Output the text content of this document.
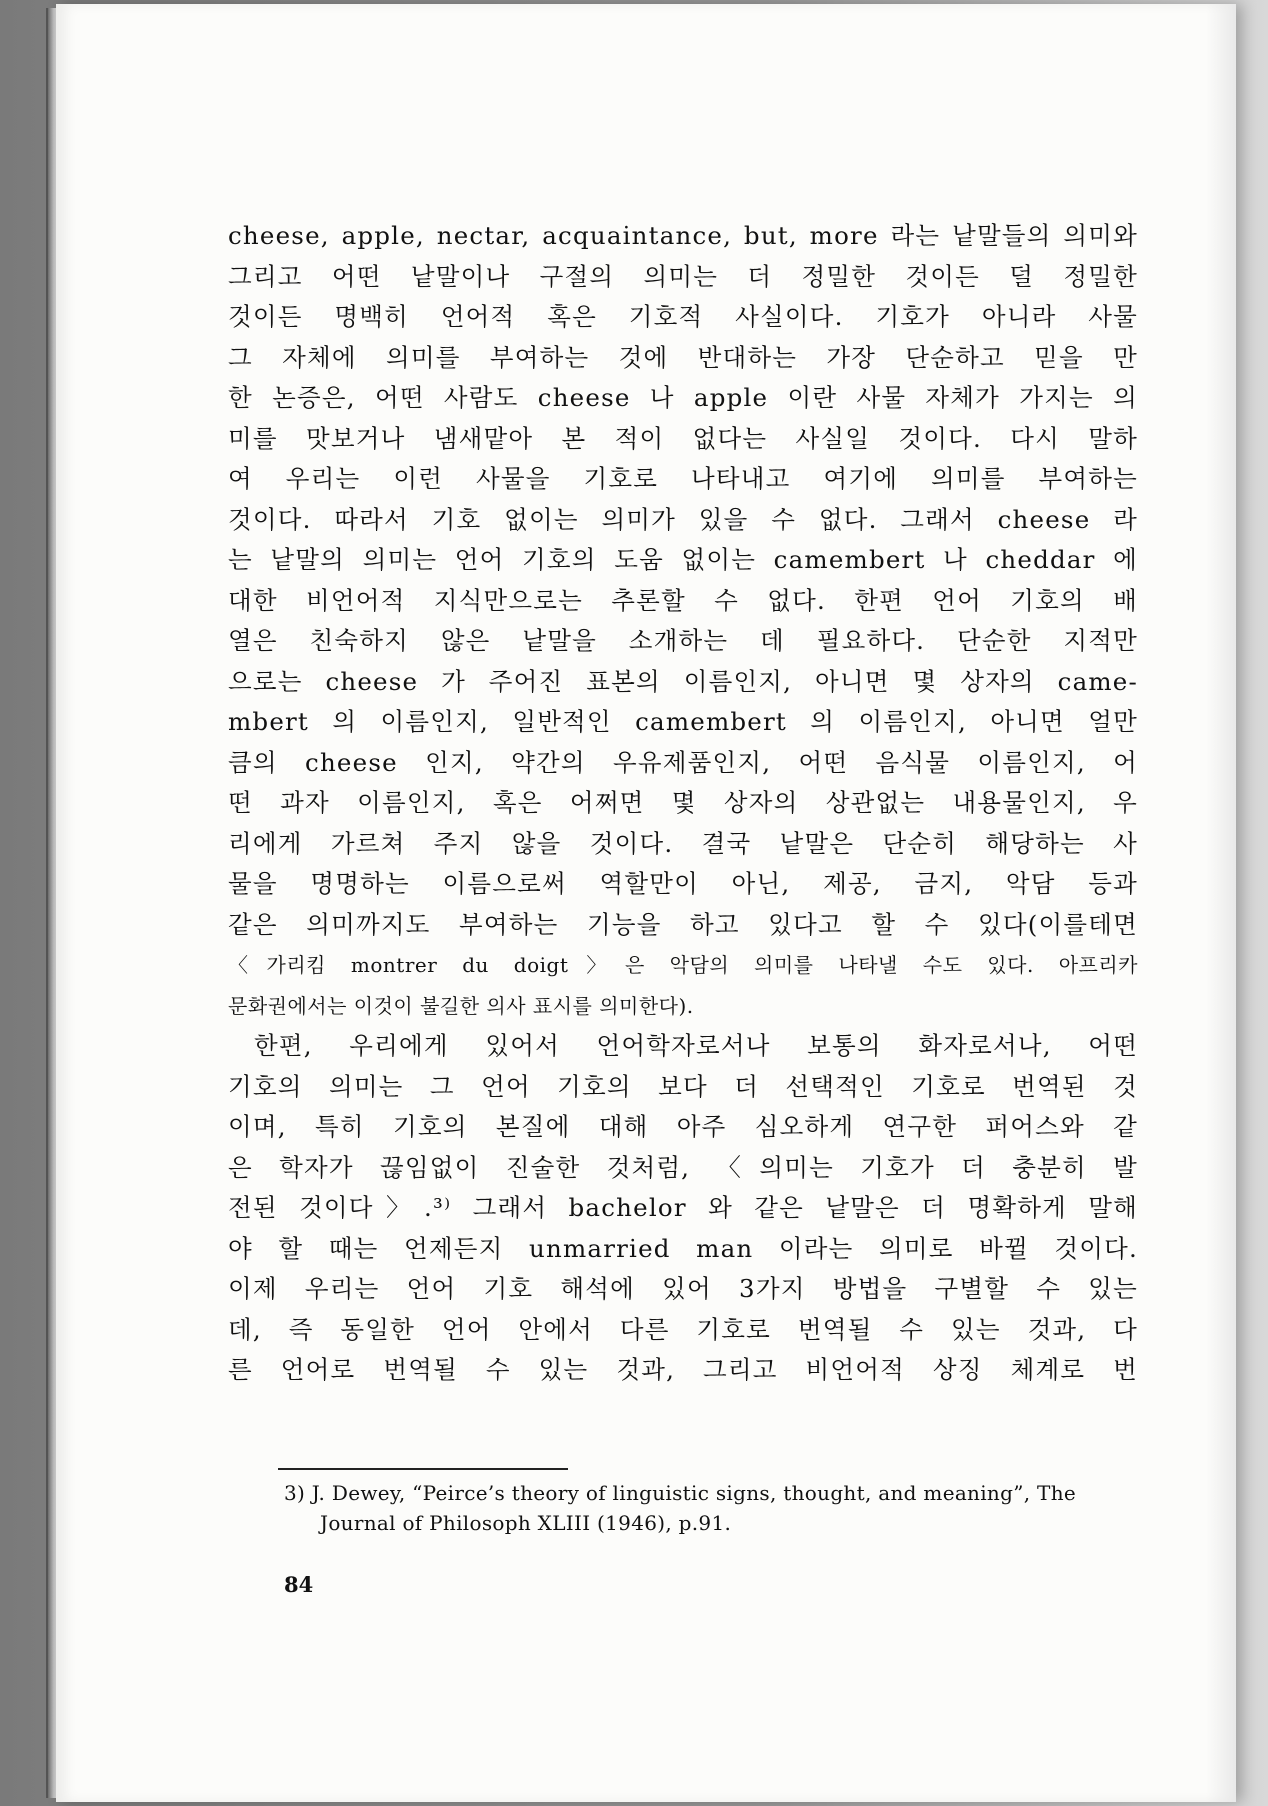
cheese, apple, nectar, acquaintance, but, more 라는 낱말들의 의미와
그리고 어떤 낱말이나 구절의 의미는 더 정밀한 것이든 덜 정밀한
것이든 명백히 언어적 혹은 기호적 사실이다. 기호가 아니라 사물
그 자체에 의미를 부여하는 것에 반대하는 가장 단순하고 믿을 만
한 논증은, 어떤 사람도 cheese 나 apple 이란 사물 자체가 가지는 의
미를 맛보거나 냄새맡아 본 적이 없다는 사실일 것이다. 다시 말하
여 우리는 이런 사물을 기호로 나타내고 여기에 의미를 부여하는
것이다. 따라서 기호 없이는 의미가 있을 수 없다. 그래서 cheese 라
는 낱말의 의미는 언어 기호의 도움 없이는 camembert 나 cheddar 에
대한 비언어적 지식만으로는 추론할 수 없다. 한편 언어 기호의 배
열은 친숙하지 않은 낱말을 소개하는 데 필요하다. 단순한 지적만
으로는 cheese 가 주어진 표본의 이름인지, 아니면 몇 상자의 came-
mbert 의 이름인지, 일반적인 camembert 의 이름인지, 아니면 얼만
큼의 cheese 인지, 약간의 우유제품인지, 어떤 음식물 이름인지, 어
떤 과자 이름인지, 혹은 어쩌면 몇 상자의 상관없는 내용물인지, 우
리에게 가르쳐 주지 않을 것이다. 결국 낱말은 단순히 해당하는 사
물을 명명하는 이름으로써 역할만이 아닌, 제공, 금지, 악담 등과
같은 의미까지도 부여하는 기능을 하고 있다고 할 수 있다(이를테면
〈가리킴 montrer du doigt〉은 악담의 의미를 나타낼 수도 있다. 아프리카
문화권에서는 이것이 불길한 의사 표시를 의미한다).
한편, 우리에게 있어서 언어학자로서나 보통의 화자로서나, 어떤
기호의 의미는 그 언어 기호의 보다 더 선택적인 기호로 번역된 것
이며, 특히 기호의 본질에 대해 아주 심오하게 연구한 퍼어스와 같
은 학자가 끊임없이 진술한 것처럼, 〈의미는 기호가 더 충분히 발
전된 것이다〉.³⁾ 그래서 bachelor 와 같은 낱말은 더 명확하게 말해
야 할 때는 언제든지 unmarried man 이라는 의미로 바뀔 것이다.
이제 우리는 언어 기호 해석에 있어 3가지 방법을 구별할 수 있는
데, 즉 동일한 언어 안에서 다른 기호로 번역될 수 있는 것과, 다
른 언어로 번역될 수 있는 것과, 그리고 비언어적 상징 체계로 번
3) J. Dewey, “Peirce’s theory of linguistic signs, thought, and meaning”, The
Journal of Philosoph XLIII (1946), p.91.
84
